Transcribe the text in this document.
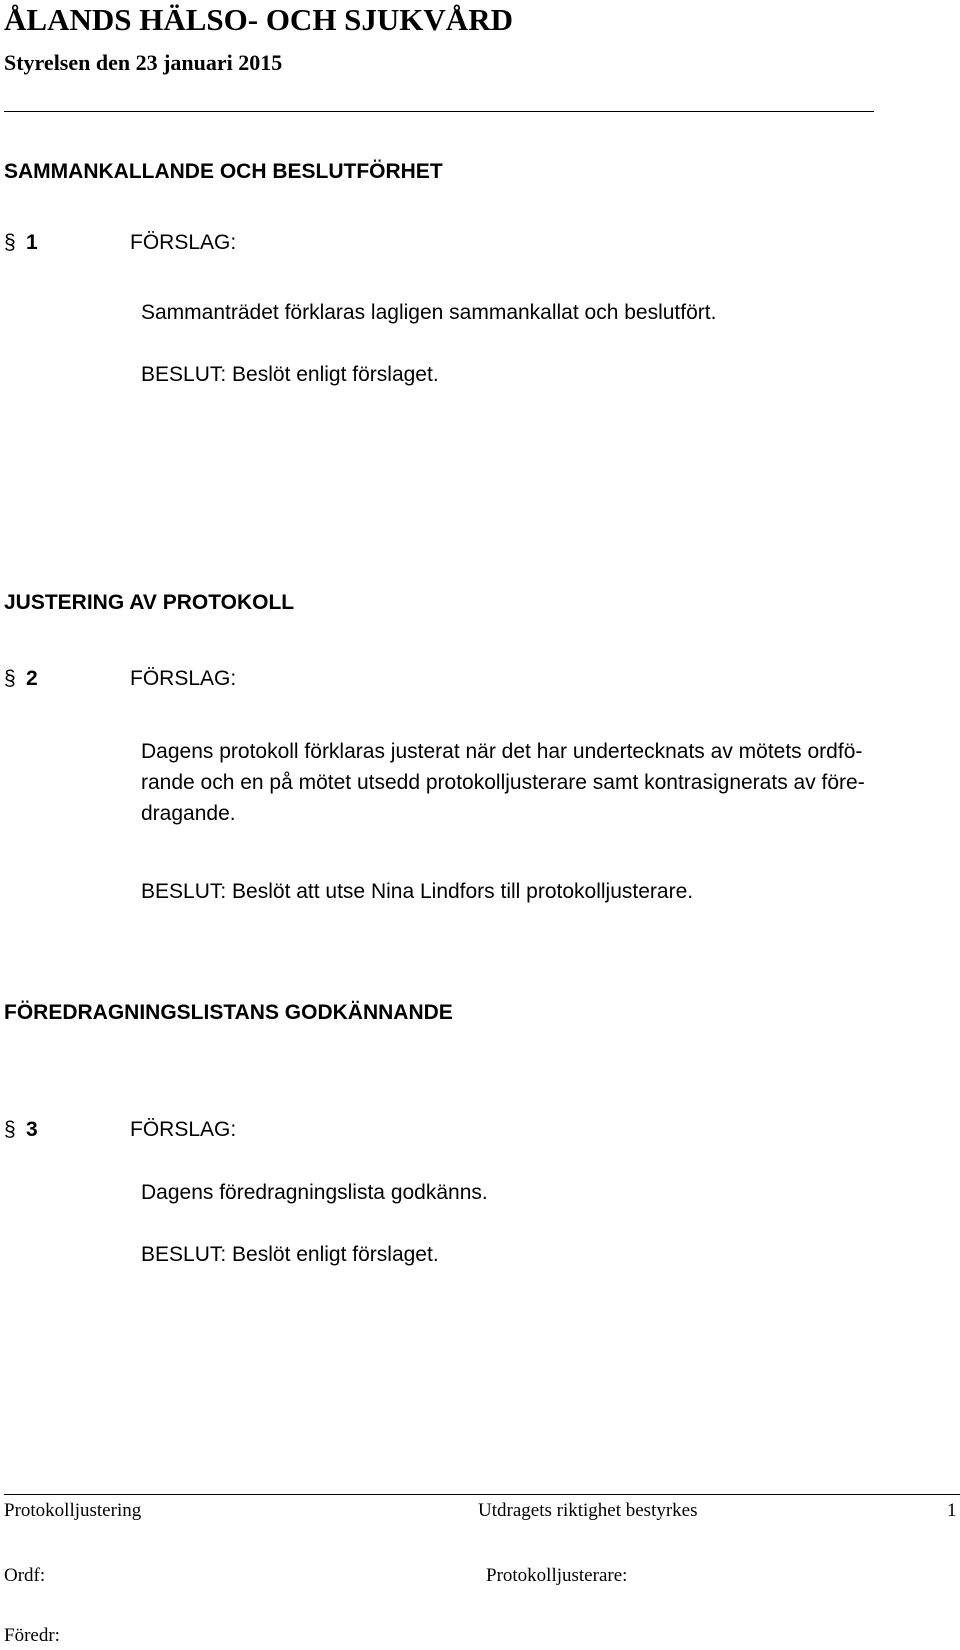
ÅLANDS HÄLSO- OCH SJUKVÅRD
Styrelsen den 23 januari 2015
SAMMANKALLANDE OCH BESLUTFÖRHET
§ 1	FÖRSLAG:
Sammanträdet förklaras lagligen sammankallat och beslutfört.
BESLUT: Beslöt enligt förslaget.
JUSTERING AV PROTOKOLL
§ 2	FÖRSLAG:
Dagens protokoll förklaras justerat när det har undertecknats av mötets ordfö-
rande och en på mötet utsedd protokolljusterare samt kontrasignerats av före-
dragande.
BESLUT: Beslöt att utse Nina Lindfors till protokolljusterare.
FÖREDRAGNINGSLISTANS GODKÄNNANDE
§ 3	FÖRSLAG:
Dagens föredragningslista godkänns.
BESLUT: Beslöt enligt förslaget.
Protokolljustering	Utdragets riktighet bestyrkes	1
Ordf:	Protokolljusterare:
Föredr:
